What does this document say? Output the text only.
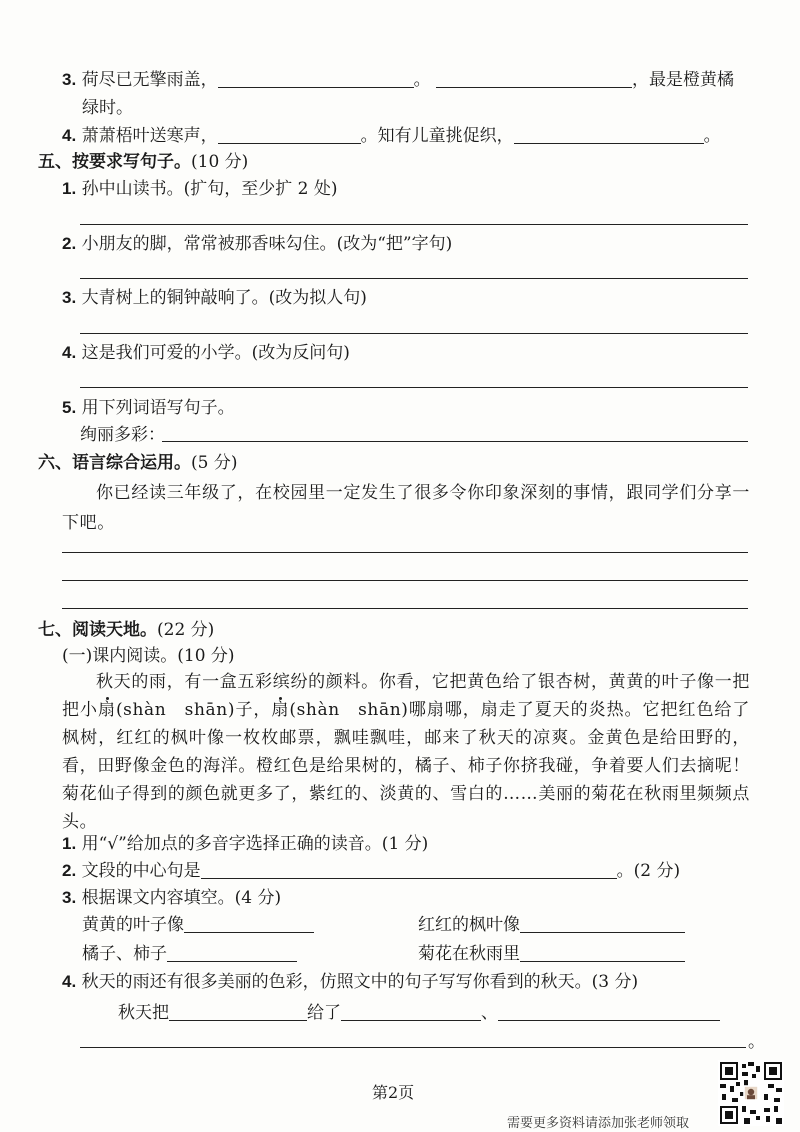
3. 荷尽已无擎雨盖，	。	，最是橙黄橘
绿时。
4. 萧萧梧叶送寒声，	。知有儿童挑促织，	。
五、按要求写句子。(10 分)
1. 孙中山读书。(扩句，至少扩 2 处)
2. 小朋友的脚，常常被那香味勾住。(改为“把”字句)
3. 大青树上的铜钟敲响了。(改为拟人句)
4. 这是我们可爱的小学。(改为反问句)
5. 用下列词语写句子。
绚丽多彩：
六、语言综合运用。(5 分)
你已经读三年级了，在校园里一定发生了很多令你印象深刻的事情，跟同学们分享一下吧。
七、阅读天地。(22 分)
(一)课内阅读。(10 分)
秋天的雨，有一盒五彩缤纷的颜料。你看，它把黄色给了银杏树，黄黄的叶子像一把把小扇(shàn　shān)子，扇(shàn　shān)哪扇哪，扇走了夏天的炎热。它把红色给了枫树，红红的枫叶像一枚枚邮票，飘哇飘哇，邮来了秋天的凉爽。金黄色是给田野的，看，田野像金色的海洋。橙红色是给果树的，橘子、柿子你挤我碰，争着要人们去摘呢！菊花仙子得到的颜色就更多了，紫红的、淡黄的、雪白的……美丽的菊花在秋雨里频频点头。
1. 用“√”给加点的多音字选择正确的读音。(1 分)
2. 文段的中心句是	。(2 分)
3. 根据课文内容填空。(4 分)
黄黄的叶子像	红红的枫叶像
橘子、柿子	菊花在秋雨里
4. 秋天的雨还有很多美丽的色彩，仿照文中的句子写写你看到的秋天。(3 分)
秋天把	给了	、
。
第2页
需要更多资料请添加张老师领取
